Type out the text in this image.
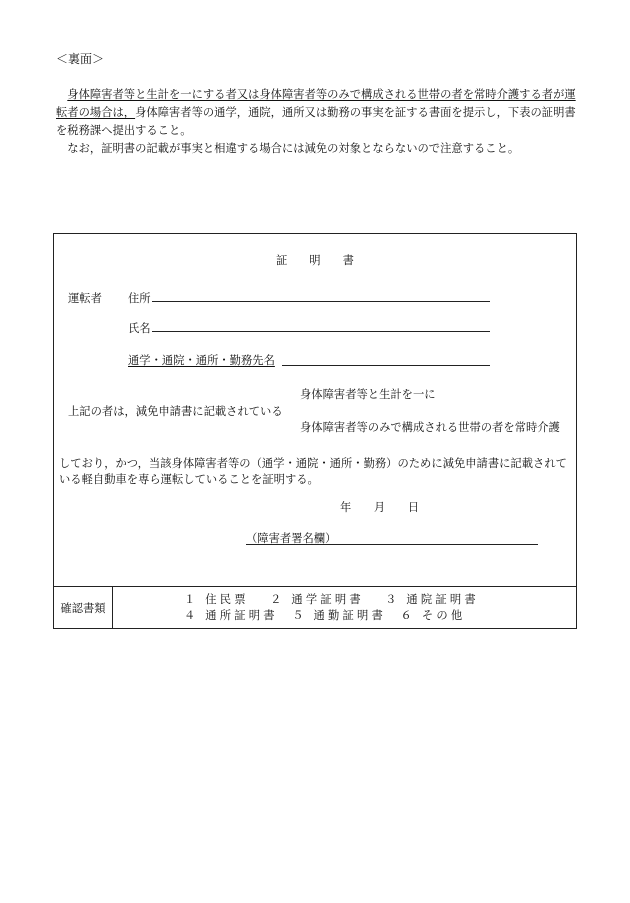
＜裏面＞

身体障害者等と生計を一にする者又は身体障害者等のみで構成される世帯の者を常時介護する者が運転者の場合は，身体障害者等の通学，通院，通所又は勤務の事実を証する書面を提示し，下表の証明書を税務課へ提出すること。

なお，証明書の記載が事実と相違する場合には減免の対象とならないので注意すること。

証明書
運転者 住所
氏名
通学・通院・通所・勤務先名
身体障害者等と生計を一に
上記の者は，減免申請書に記載されている
身体障害者等のみで構成される世帯の者を常時介護
しており，かつ，当該身体障害者等の（通学・通院・通所・勤務）のために減免申請書に記載されている軽自動車を専ら運転していることを証明する。
年　　月　　日
（障害者署名欄）
確認書類
１ 住民票　 ２ 通学証明書　 ３ 通院証明書
４ 通所証明書　５ 通勤証明書　６ その他
